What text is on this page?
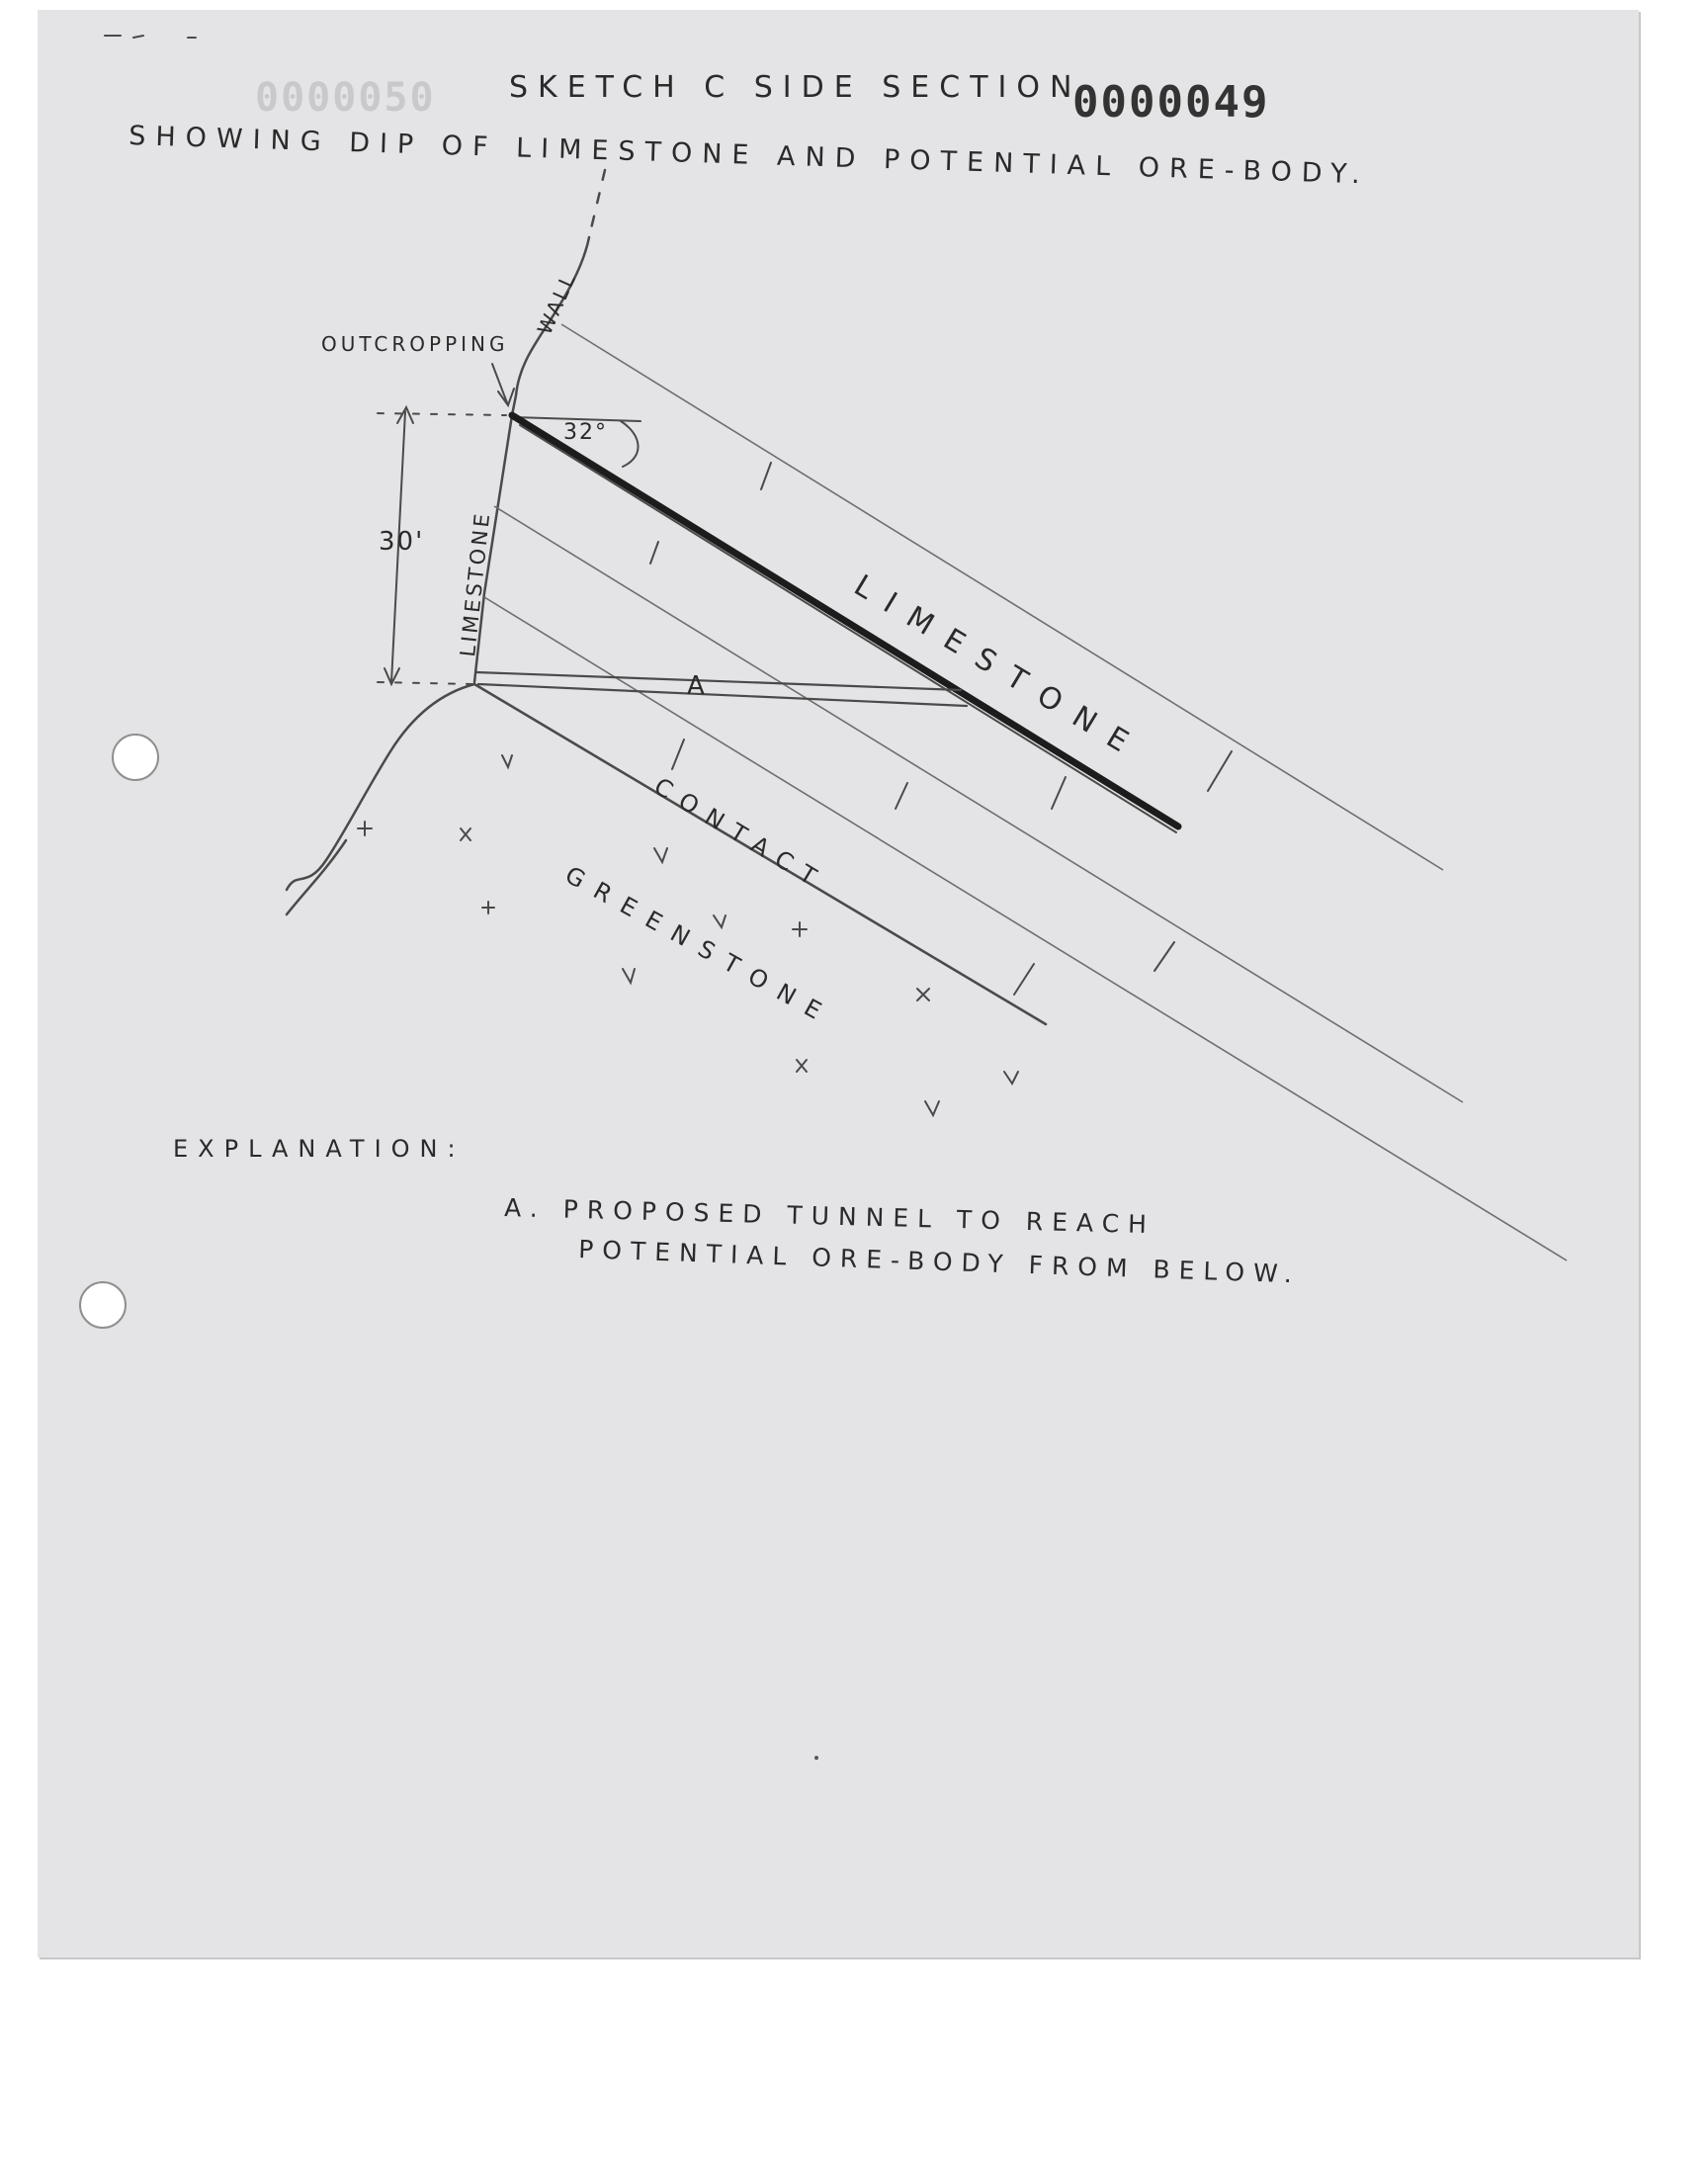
0000050	0000049
SKETCH C SIDE SECTION
SHOWING DIP OF LIMESTONE AND POTENTIAL ORE-BODY.
WALL
OUTCROPPING
LIMESTONE
30'
32°
A	LIMESTONE
CONTACT
GREENSTONE
EXPLANATION:
A. PROPOSED TUNNEL TO REACH
POTENTIAL ORE-BODY FROM BELOW.
